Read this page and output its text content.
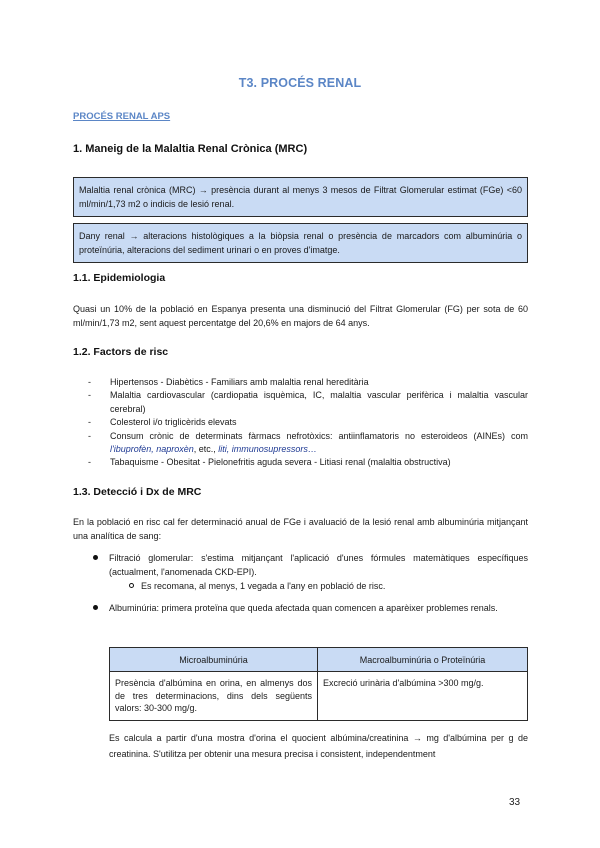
T3. PROCÉS RENAL
PROCÉS RENAL APS
1. Maneig de la Malaltia Renal Crònica (MRC)
Malaltia renal crònica (MRC) → presència durant al menys 3 mesos de Filtrat Glomerular estimat (FGe) <60 ml/min/1,73 m2 o indicis de lesió renal.
Dany renal → alteracions histològiques a la biòpsia renal o presència de marcadors com albuminúria o proteïnúria, alteracions del sediment urinari o en proves d'imatge.
1.1. Epidemiologia
Quasi un 10% de la població en Espanya presenta una disminució del Filtrat Glomerular (FG) per sota de 60 ml/min/1,73 m2, sent aquest percentatge del 20,6% en majors de 64 anys.
1.2. Factors de risc
- Hipertensos - Diabètics - Familiars amb malaltia renal hereditària
- Malaltia cardiovascular (cardiopatia isquèmica, IC, malaltia vascular perifèrica i malaltia vascular cerebral)
- Colesterol i/o triglicèrids elevats
- Consum crònic de determinats fàrmacs nefrotòxics: antiinflamatoris no esteroideos (AINEs) com l'ibuprofèn, naproxèn, etc., liti, immunosupressors…
- Tabaquisme - Obesitat - Pielonefritis aguda severa - Litiasi renal (malaltia obstructiva)
1.3. Detecció i Dx de MRC
En la població en risc cal fer determinació anual de FGe i avaluació de la lesió renal amb albuminúria mitjançant una analítica de sang:
Filtració glomerular: s'estima mitjançant l'aplicació d'unes fórmules matemàtiques específiques (actualment, l'anomenada CKD-EPI).
Es recomana, al menys, 1 vegada a l'any en població de risc.
Albuminúria: primera proteïna que queda afectada quan comencen a aparèixer problemes renals.
Microalbuminúria	Macroalbuminúria o Proteïnúria
Presència d'albúmina en orina, en almenys dos de tres determinacions, dins dels següents valors: 30-300 mg/g.	Excreció urinària d'albúmina >300 mg/g.
Es calcula a partir d'una mostra d'orina el quocient albúmina/creatinina → mg d'albúmina per g de creatinina. S'utilitza per obtenir una mesura precisa i consistent, independentment
33
